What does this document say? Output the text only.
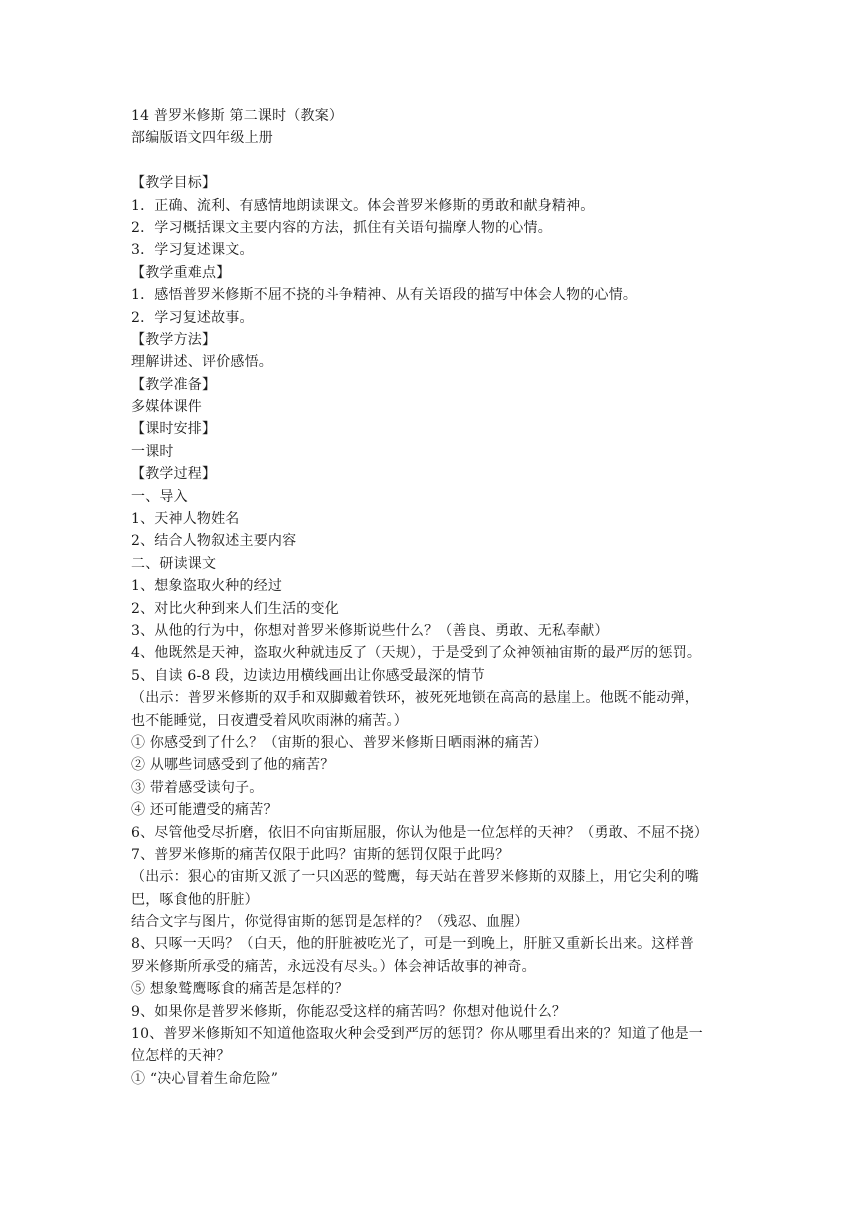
14 普罗米修斯 第二课时（教案）
部编版语文四年级上册
【教学目标】
1．正确、流利、有感情地朗读课文。体会普罗米修斯的勇敢和献身精神。
2．学习概括课文主要内容的方法，抓住有关语句揣摩人物的心情。
3．学习复述课文。
【教学重难点】
1．感悟普罗米修斯不屈不挠的斗争精神、从有关语段的描写中体会人物的心情。
2．学习复述故事。
【教学方法】
理解讲述、评价感悟。
【教学准备】
多媒体课件
【课时安排】
一课时
【教学过程】
一、导入
1、天神人物姓名
2、结合人物叙述主要内容
二、研读课文
1、想象盗取火种的经过
2、对比火种到来人们生活的变化
3、从他的行为中，你想对普罗米修斯说些什么？（善良、勇敢、无私奉献）
4、他既然是天神，盗取火种就违反了（天规），于是受到了众神领袖宙斯的最严厉的惩罚。
5、自读 6-8 段，边读边用横线画出让你感受最深的情节
（出示：普罗米修斯的双手和双脚戴着铁环，被死死地锁在高高的悬崖上。他既不能动弹，
也不能睡觉，日夜遭受着风吹雨淋的痛苦。）
① 你感受到了什么？（宙斯的狠心、普罗米修斯日晒雨淋的痛苦）
② 从哪些词感受到了他的痛苦？
③ 带着感受读句子。
④ 还可能遭受的痛苦？
6、尽管他受尽折磨，依旧不向宙斯屈服，你认为他是一位怎样的天神？（勇敢、不屈不挠）
7、普罗米修斯的痛苦仅限于此吗？宙斯的惩罚仅限于此吗？
（出示：狠心的宙斯又派了一只凶恶的鹫鹰，每天站在普罗米修斯的双膝上，用它尖利的嘴
巴，啄食他的肝脏）
结合文字与图片，你觉得宙斯的惩罚是怎样的？（残忍、血腥）
8、只啄一天吗？（白天，他的肝脏被吃光了，可是一到晚上，肝脏又重新长出来。这样普
罗米修斯所承受的痛苦，永远没有尽头。）体会神话故事的神奇。
⑤ 想象鹫鹰啄食的痛苦是怎样的？
9、如果你是普罗米修斯，你能忍受这样的痛苦吗？你想对他说什么？
10、普罗米修斯知不知道他盗取火种会受到严厉的惩罚？你从哪里看出来的？知道了他是一
位怎样的天神？
① “决心冒着生命危险”
